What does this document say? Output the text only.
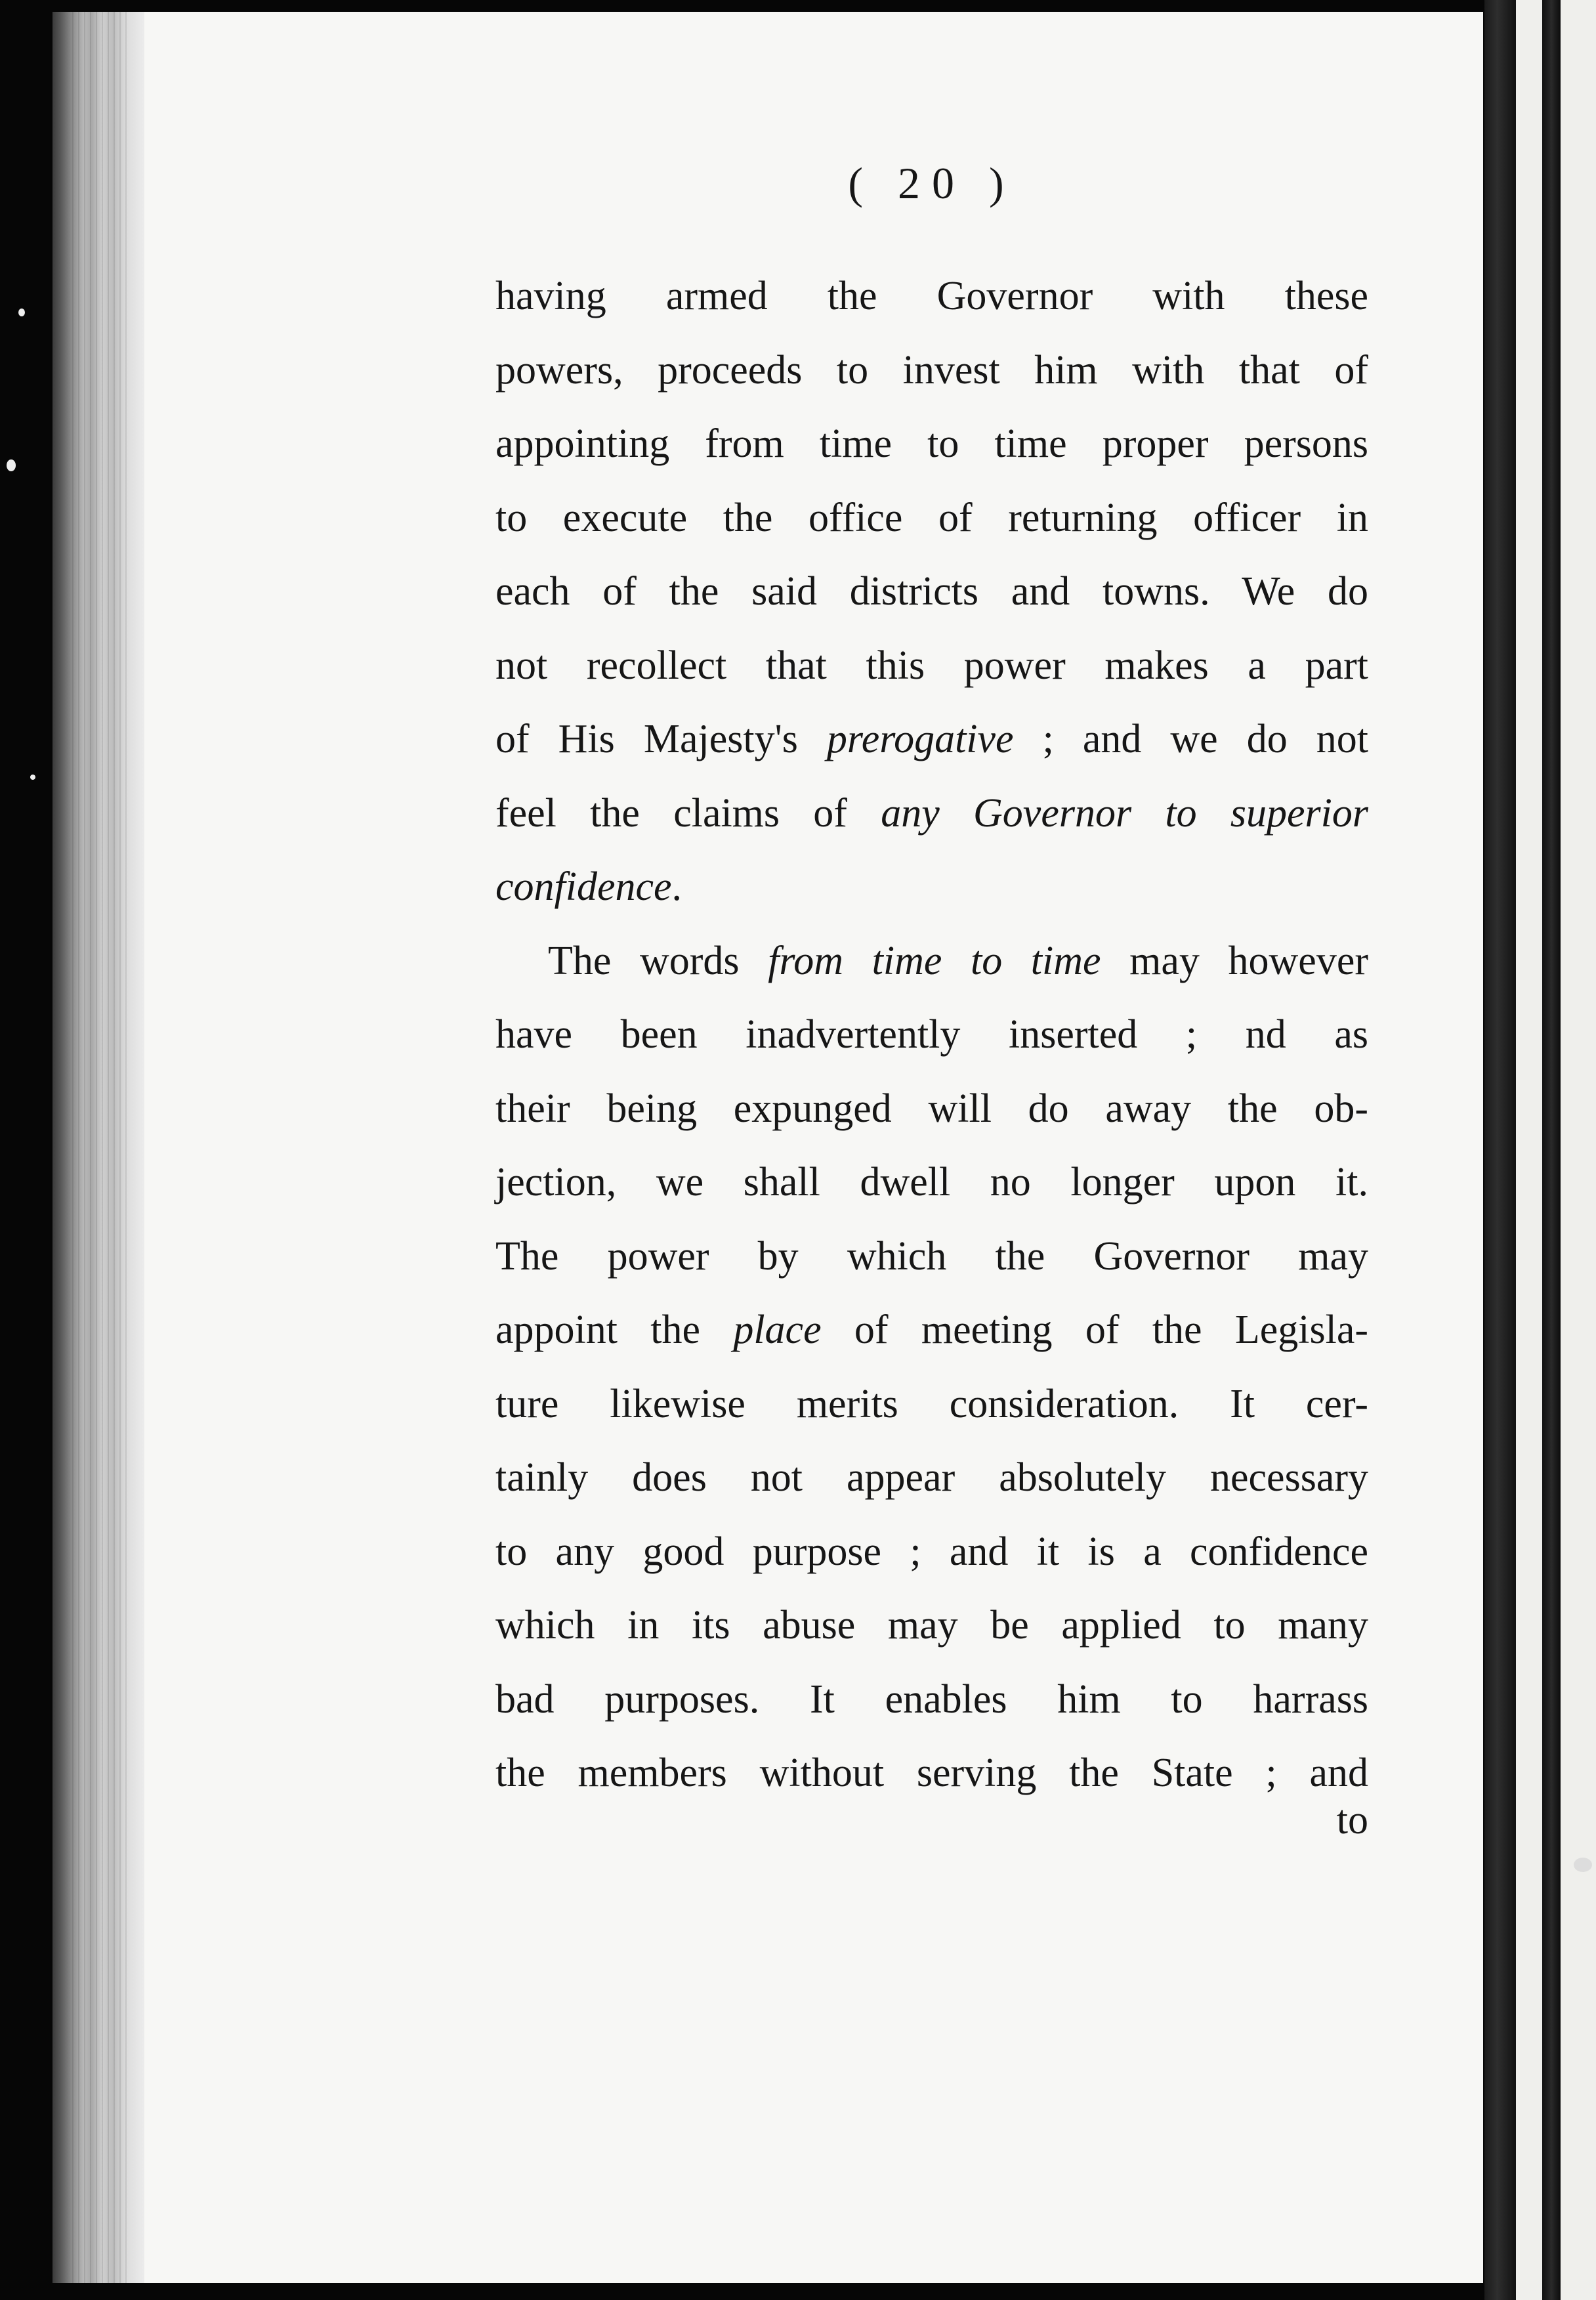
( 20 )
having armed the Governor with these
powers, proceeds to invest him with that of
appointing from time to time proper persons
to execute the office of returning officer in
each of the said districts and towns. We do
not recollect that this power makes a part
of His Majesty's prerogative ; and we do not
feel the claims of any Governor to superior
confidence.
The words from time to time may however
have been inadvertently inserted ; nd as
their being expunged will do away the ob-
jection, we shall dwell no longer upon it.
The power by which the Governor may
appoint the place of meeting of the Legisla-
ture likewise merits consideration. It cer-
tainly does not appear absolutely necessary
to any good purpose ; and it is a confidence
which in its abuse may be applied to many
bad purposes. It enables him to harrass
the members without serving the State ; and
to
